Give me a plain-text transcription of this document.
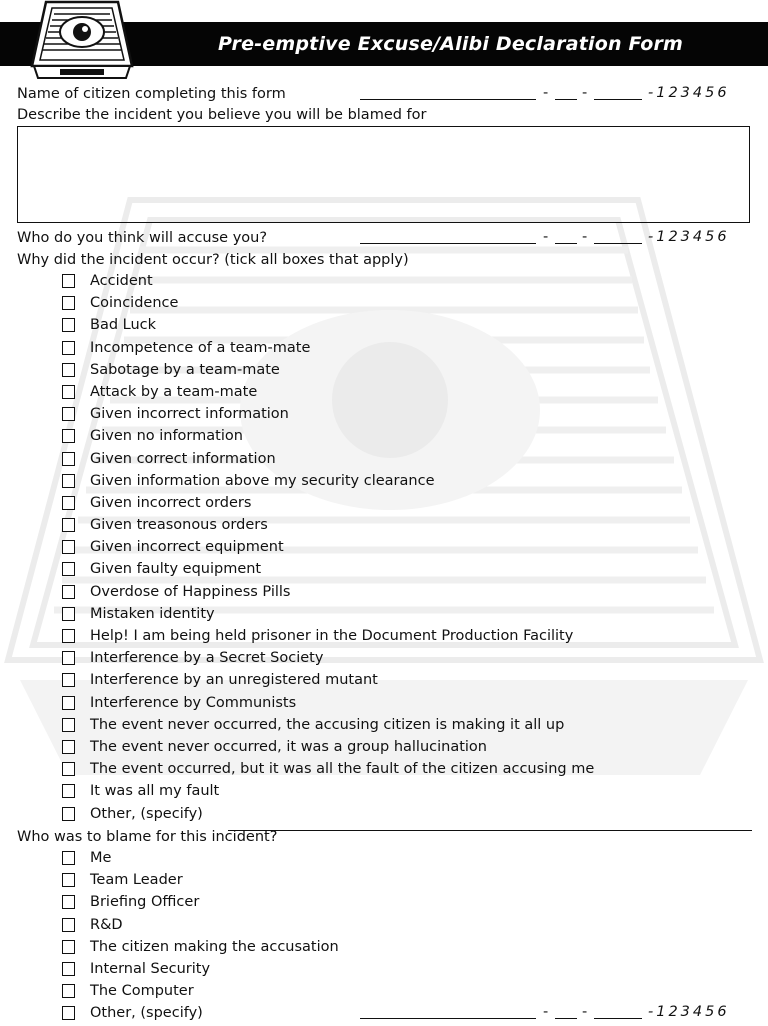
Pre-emptive Excuse/Alibi Declaration Form
Name of citizen completing this form	- -	-123456
Describe the incident you believe you will be blamed for
Who do you think will accuse you?	- -	-123456
Why did the incident occur? (tick all boxes that apply)
Accident
Coincidence
Bad Luck
Incompetence of a team-mate
Sabotage by a team-mate
Attack by a team-mate
Given incorrect information
Given no information
Given correct information
Given information above my security clearance
Given incorrect orders
Given treasonous orders
Given incorrect equipment
Given faulty equipment
Overdose of Happiness Pills
Mistaken identity
Help! I am being held prisoner in the Document Production Facility
Interference by a Secret Society
Interference by an unregistered mutant
Interference by Communists
The event never occurred, the accusing citizen is making it all up
The event never occurred, it was a group hallucination
The event occurred, but it was all the fault of the citizen accusing me
It was all my fault
Other, (specify)
Who was to blame for this incident?
Me
Team Leader
Briefing Officer
R&D
The citizen making the accusation
Internal Security
The Computer
Other, (specify)	- -	-123456
